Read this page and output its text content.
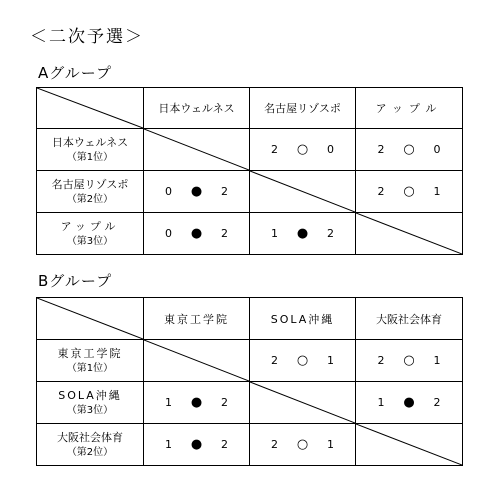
＜二次予選＞
Aグループ
	日本ウェルネス	名古屋リゾスポ	アップル

日本ウェルネス
（第1位）		2 ○ 0	2 ○ 0

名古屋リゾスポ
（第2位）	0 ● 2		2 ○ 1

アップル
（第3位）	0 ● 2	1 ● 2

Bグループ
	東京工学院	SOLA沖縄	大阪社会体育

東京工学院
（第1位）		2 ○ 1	2 ○ 1

SOLA沖縄
（第3位）	1 ● 2		1 ● 2

大阪社会体育
（第2位）	1 ● 2	2 ○ 1
